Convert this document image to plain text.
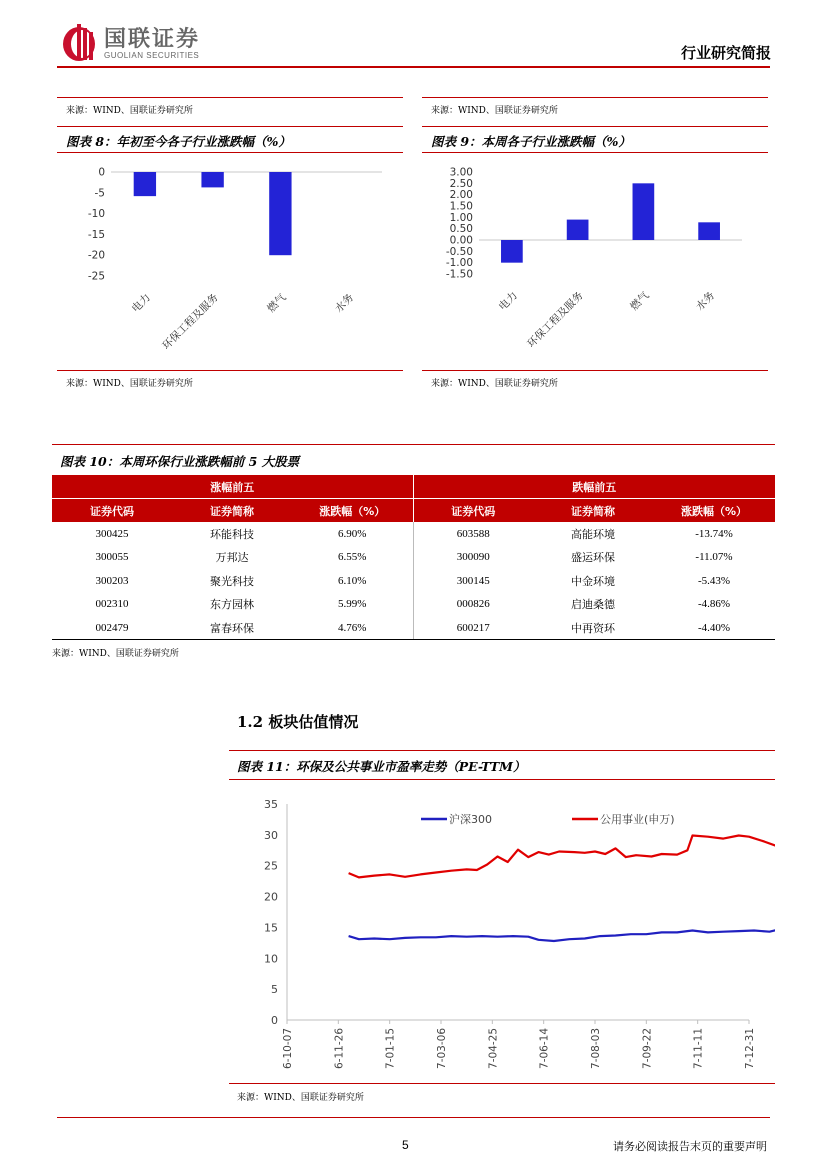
国联证券
GUOLIAN SECURITIES	行业研究简报
来源：WIND、国联证券研究所	来源：WIND、国联证券研究所
图表 8：年初至今各子行业涨跌幅（%）
0
-5
-10
-15
-20
-25
电力 环保工程及服务	燃气	水务
来源：WIND、国联证券研究所
图表 9：本周各子行业涨跌幅（%）
3.00
2.50
2.00
1.50
1.00
0.50
0.00
-0.50
-1.00
-1.50
电力 环保工程及服务	燃气	水务
来源：WIND、国联证券研究所
图表 10：本周环保行业涨跌幅前 5 大股票
涨幅前五			跌幅前五		
证券代码	证券简称	涨跌幅（%）	证券代码	证券简称	涨跌幅（%）
300425	环能科技	6.90%	603588	高能环境	-13.74%
300055	万邦达	6.55%	300090	盛运环保	-11.07%
300203	聚光科技	6.10%	300145	中金环境	-5.43%
002310	东方园林	5.99%	000826	启迪桑德	-4.86%
002479	富春环保	4.76%	600217	中再资环	-4.40%
来源：WIND、国联证券研究所
1.2 板块估值情况
图表 11：环保及公共事业市盈率走势（PE-TTM）
35
30
25
20
15
10
5
0
6-10-07	6-11-26	7-01-15	7-03-06	7-04-25	7-06-14	7-08-03	7-09-22	7-11-11	7-12-31
沪深300	公用事业(申万)
来源：WIND、国联证券研究所
5	请务必阅读报告末页的重要声明
